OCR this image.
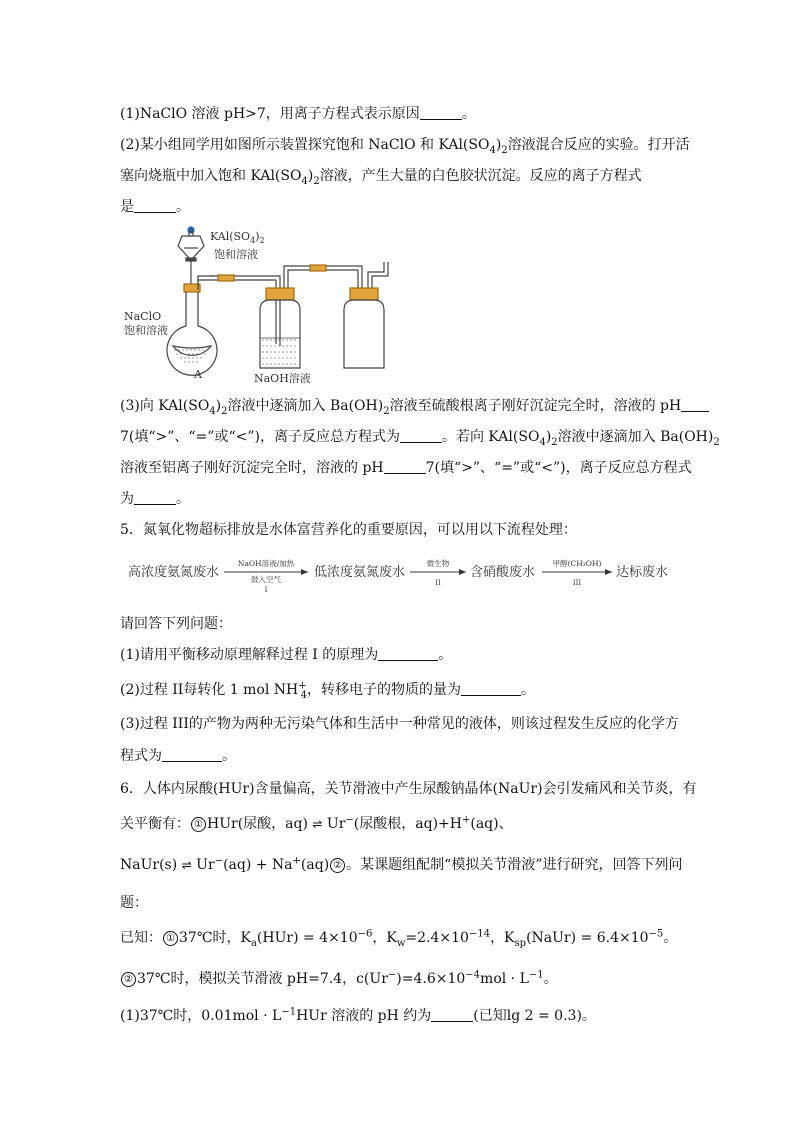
(1)NaClO 溶液 pH>7，用离子方程式表示原因	。
(2)某小组同学用如图所示装置探究饱和 NaClO 和 $KAl(SO_4)_2$溶液混合反应的实验。打开活
塞向烧瓶中加入饱和 $KAl(SO_4)_2$溶液，产生大量的白色胶状沉淀。反应的离子方程式
是	。
$KAl(SO_4)_2$
饱和溶液
NaClO
饱和溶液
A	NaOH溶液
(3)向 $KAl(SO_4)_2$溶液中逐滴加入 $Ba(OH)_2$溶液至硫酸根离子刚好沉淀完全时，溶液的 pH
7(填“>”、“=”或“<”)，离子反应总方程式为	。若向 $KAl(SO_4)_2$溶液中逐滴加入 $Ba(OH)_2$
溶液至铝离子刚好沉淀完全时，溶液的 pH	7(填“>”、“=”或“<”)，离子反应总方程式
为	。
5．氮氧化物超标排放是水体富营养化的重要原因，可以用以下流程处理：
高浓度氨氮废水
NaOH溶液/加热
鼓入空气
I
低浓度氨氮废水
微生物
II
含硝酸废水
甲醇(CH₃OH)
III
达标废水
请回答下列问题：
(1)请用平衡移动原理解释过程 I 的原理为	。
(2)过程 II每转化 1 mol $NH^+_4$，转移电子的物质的量为	。
(3)过程 III的产物为两种无污染气体和生活中一种常见的液体，则该过程发生反应的化学方
程式为	。
6．人体内尿酸(HUr)含量偏高，关节滑液中产生尿酸钠晶体(NaUr)会引发痛风和关节炎，有
关平衡有： ① HUr(尿酸，aq) ⇌ Ur−(尿酸根，aq)+H+(aq)、
NaUr(s) ⇌ Ur−(aq) + Na+(aq) ② 。某课题组配制“模拟关节滑液”进行研究，回答下列问
题：
已知： ① 37℃时，$K_a(HUr) = 4\times 10^{-6}$，$K_w=2.4\times 10^{-14}$，$K_{sp}(NaUr) = 6.4\times 10^{-5}$。
② 37℃时，模拟关节滑液 pH=7.4，$c(Ur^-)=4.6\times 10^{-4}mol \cdot L^{-1}$。
(1)37℃时，$0.01mol \cdot L^{-1}HUr$ 溶液的 pH 约为	(已知lg 2 = 0.3)。
